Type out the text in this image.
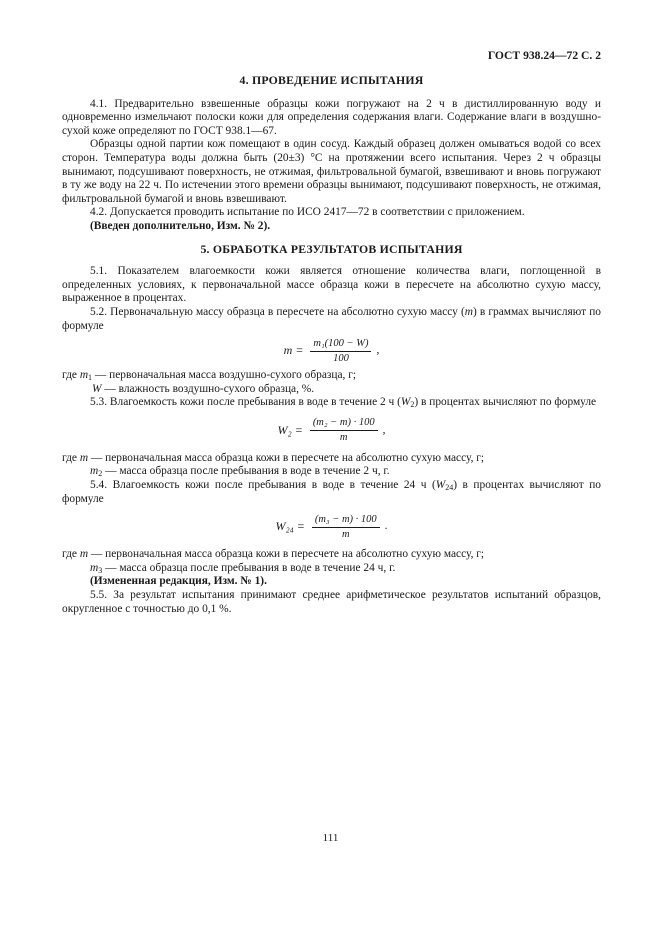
ГОСТ 938.24—72 С. 2
4. ПРОВЕДЕНИЕ ИСПЫТАНИЯ

4.1. Предварительно взвешенные образцы кожи погружают на 2 ч в дистиллированную воду и одновременно измельчают полоски кожи для определения содержания влаги. Содержание влаги в воздушно-сухой коже определяют по ГОСТ 938.1—67.

Образцы одной партии кож помещают в один сосуд. Каждый образец должен омываться водой со всех сторон. Температура воды должна быть (20±3) °С на протяжении всего испытания. Через 2 ч образцы вынимают, подсушивают поверхность, не отжимая, фильтровальной бумагой, взвешивают и вновь погружают в ту же воду на 22 ч. По истечении этого времени образцы вынимают, подсушивают поверхность, не отжимая, фильтровальной бумагой и вновь взвешивают.

4.2. Допускается проводить испытание по ИСО 2417—72 в соответствии с приложением.

(Введен дополнительно, Изм. № 2).

5. ОБРАБОТКА РЕЗУЛЬТАТОВ ИСПЫТАНИЯ

5.1. Показателем влагоемкости кожи является отношение количества влаги, поглощенной в определенных условиях, к первоначальной массе образца кожи в пересчете на абсолютно сухую массу, выраженное в процентах.

5.2. Первоначальную массу образца в пересчете на абсолютно сухую массу (m) в граммах вычисляют по формуле

$m = \frac{\text{m₁(100 − W)}}{100}$ ,

где $m_1$ — первоначальная масса воздушно-сухого образца, г;

W — влажность воздушно-сухого образца, %.

5.3. Влагоемкость кожи после пребывания в воде в течение 2 ч $(W_2)$ в процентах вычисляют по формуле

$W_2 = \frac{\text{(m₂ − m) · 100}}{m}$ ,

где m — первоначальная масса образца кожи в пересчете на абсолютно сухую массу, г;

$m_2$ — масса образца после пребывания в воде в течение 2 ч, г.

5.4. Влагоемкость кожи после пребывания в воде в течение 24 ч $(W_{24})$ в процентах вычисляют по формуле

$W_{24} = \frac{\text{(m₃ − m) · 100}}{m}$ .

где m — первоначальная масса образца кожи в пересчете на абсолютно сухую массу, г;

$m_3$ — масса образца после пребывания в воде в течение 24 ч, г.

(Измененная редакция, Изм. № 1).

5.5. За результат испытания принимают среднее арифметическое результатов испытаний образцов, округленное с точностью до 0,1 %.

111
